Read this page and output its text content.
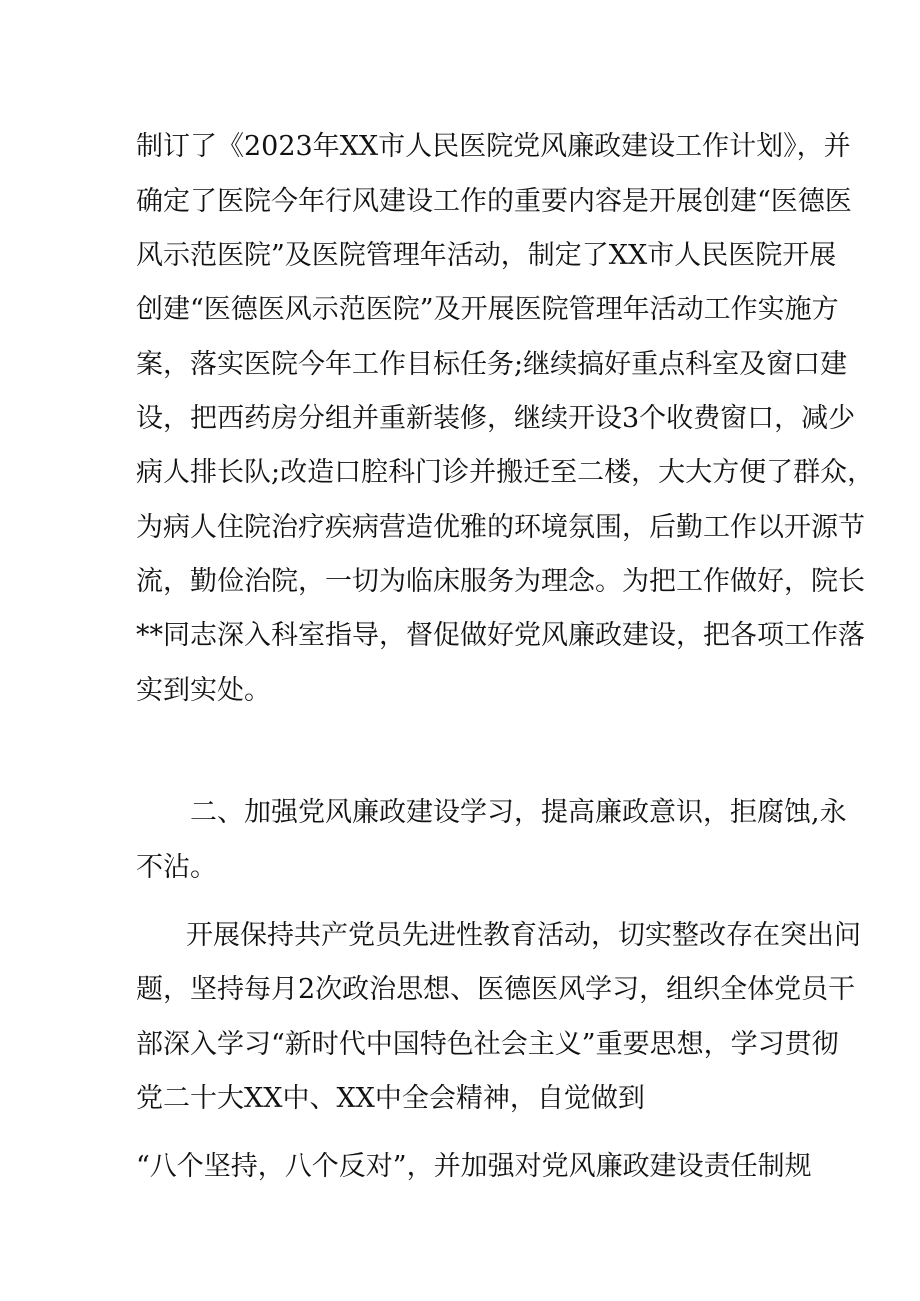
制订了《2023年XX市人民医院党风廉政建设工作计划》，并
确定了医院今年行风建设工作的重要内容是开展创建“医德医
风示范医院”及医院管理年活动，制定了XX市人民医院开展
创建“医德医风示范医院”及开展医院管理年活动工作实施方
案，落实医院今年工作目标任务;继续搞好重点科室及窗口建
设，把西药房分组并重新装修，继续开设3个收费窗口，减少
病人排长队;改造口腔科门诊并搬迁至二楼，大大方便了群众，
为病人住院治疗疾病营造优雅的环境氛围，后勤工作以开源节
流，勤俭治院，一切为临床服务为理念。为把工作做好，院长
**同志深入科室指导，督促做好党风廉政建设，把各项工作落
实到实处。
二、加强党风廉政建设学习，提高廉政意识，拒腐蚀,永
不沾。
开展保持共产党员先进性教育活动，切实整改存在突出问
题，坚持每月2次政治思想、医德医风学习，组织全体党员干
部深入学习“新时代中国特色社会主义”重要思想，学习贯彻
党二十大XX中、XX中全会精神，自觉做到
“八个坚持，八个反对”，并加强对党风廉政建设责任制规
